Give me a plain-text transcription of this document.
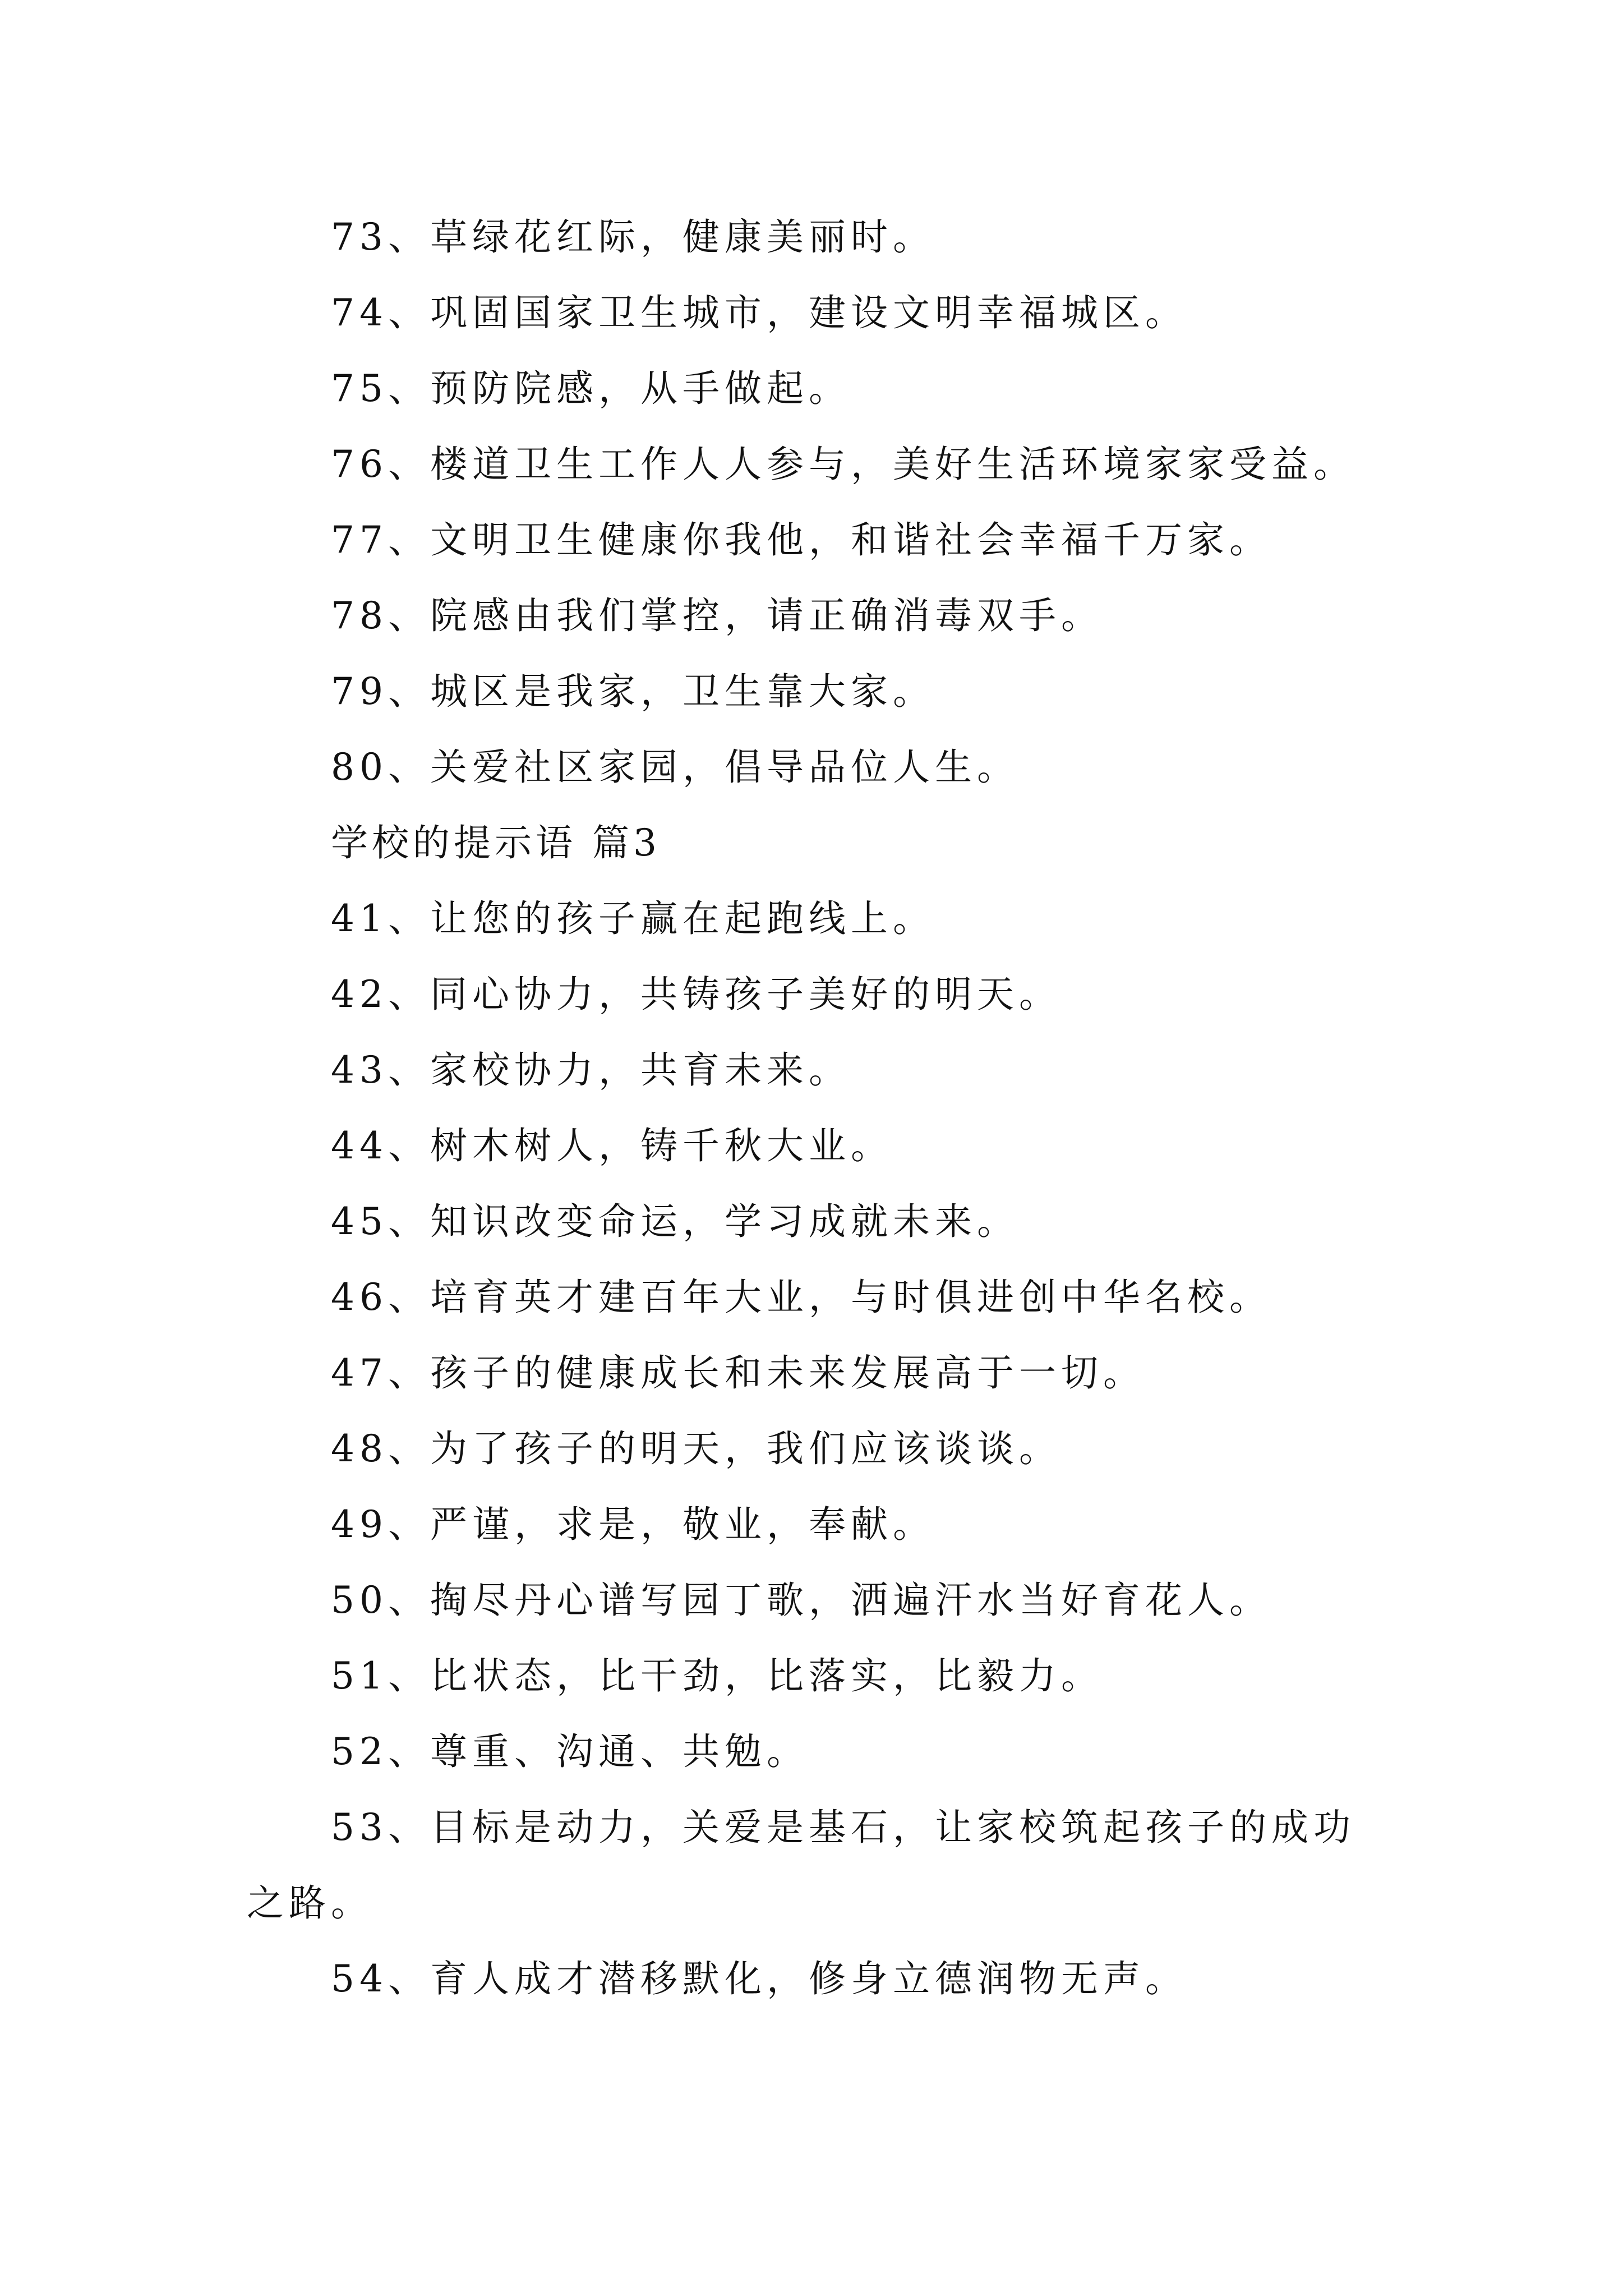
73、草绿花红际，健康美丽时。
74、巩固国家卫生城市，建设文明幸福城区。
75、预防院感，从手做起。
76、楼道卫生工作人人参与，美好生活环境家家受益。
77、文明卫生健康你我他，和谐社会幸福千万家。
78、院感由我们掌控，请正确消毒双手。
79、城区是我家，卫生靠大家。
80、关爱社区家园，倡导品位人生。
学校的提示语 篇3
41、让您的孩子赢在起跑线上。
42、同心协力，共铸孩子美好的明天。
43、家校协力，共育未来。
44、树木树人，铸千秋大业。
45、知识改变命运，学习成就未来。
46、培育英才建百年大业，与时俱进创中华名校。
47、孩子的健康成长和未来发展高于一切。
48、为了孩子的明天，我们应该谈谈。
49、严谨，求是，敬业，奉献。
50、掏尽丹心谱写园丁歌，洒遍汗水当好育花人。
51、比状态，比干劲，比落实，比毅力。
52、尊重、沟通、共勉。
53、目标是动力，关爱是基石，让家校筑起孩子的成功
之路。
54、育人成才潜移默化，修身立德润物无声。
